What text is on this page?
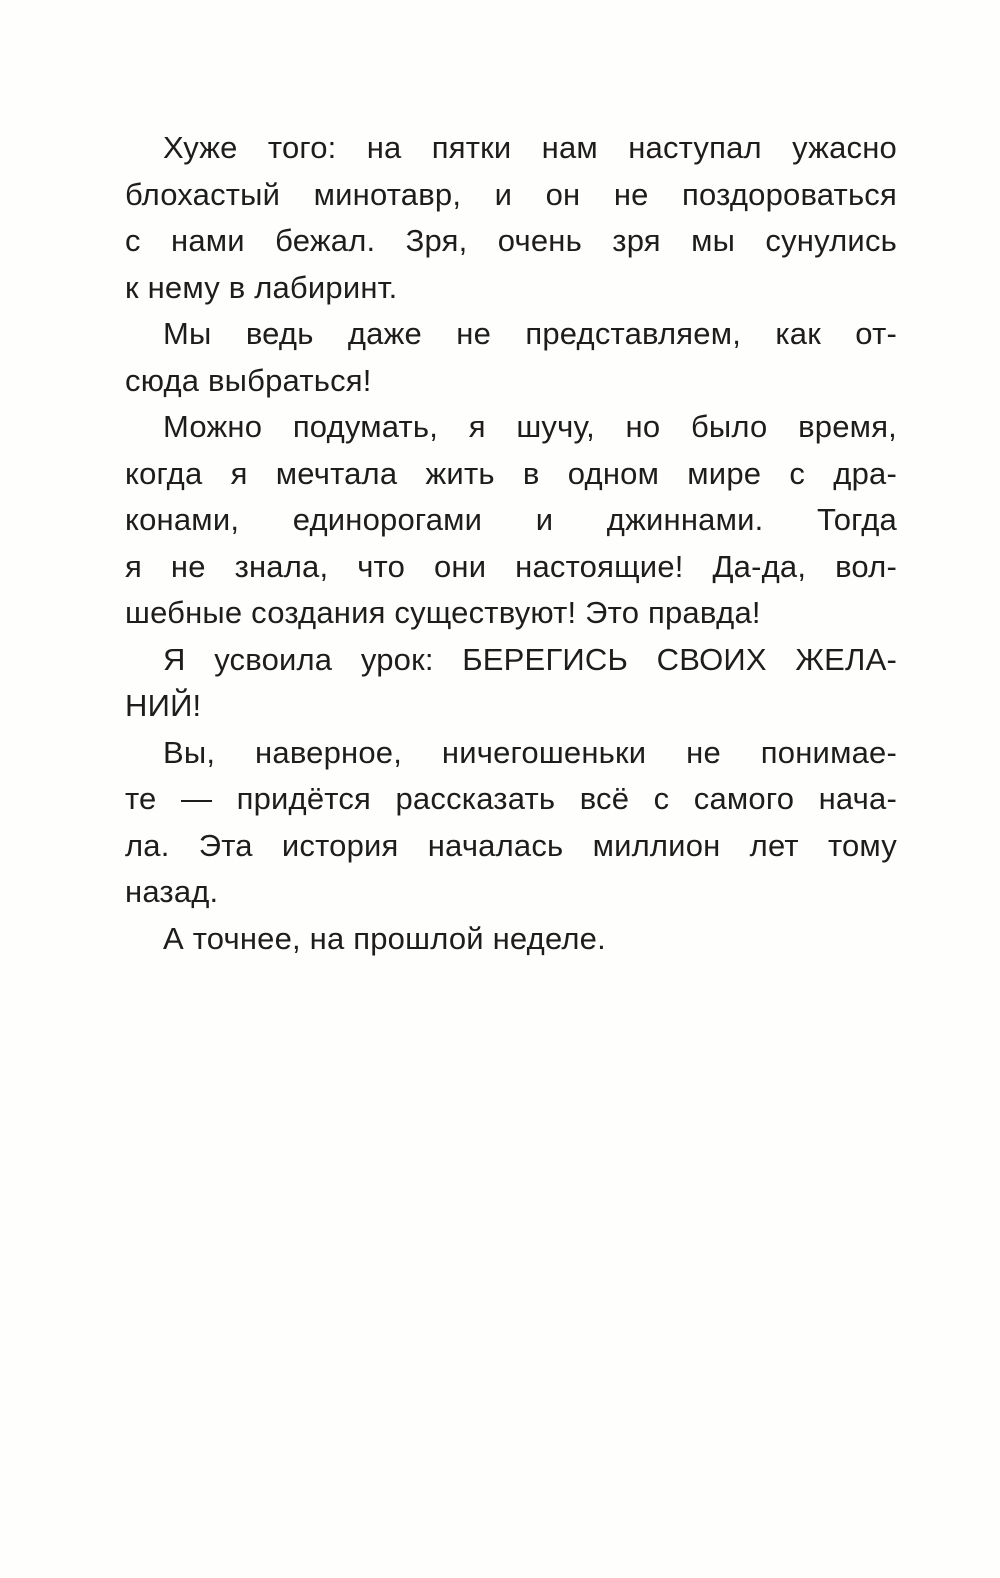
Хуже того: на пятки нам наступал ужасно
блохастый минотавр, и он не поздороваться
с нами бежал. Зря, очень зря мы сунулись
к нему в лабиринт.
Мы ведь даже не представляем, как от-
сюда выбраться!
Можно подумать, я шучу, но было время,
когда я мечтала жить в одном мире с дра-
конами, единорогами и джиннами. Тогда
я не знала, что они настоящие! Да-да, вол-
шебные создания существуют! Это правда!
Я усвоила урок: БЕРЕГИСЬ СВОИХ ЖЕЛА-
НИЙ!
Вы, наверное, ничегошеньки не понимае-
те — придётся рассказать всё с самого нача-
ла. Эта история началась миллион лет тому
назад.
А точнее, на прошлой неделе.
